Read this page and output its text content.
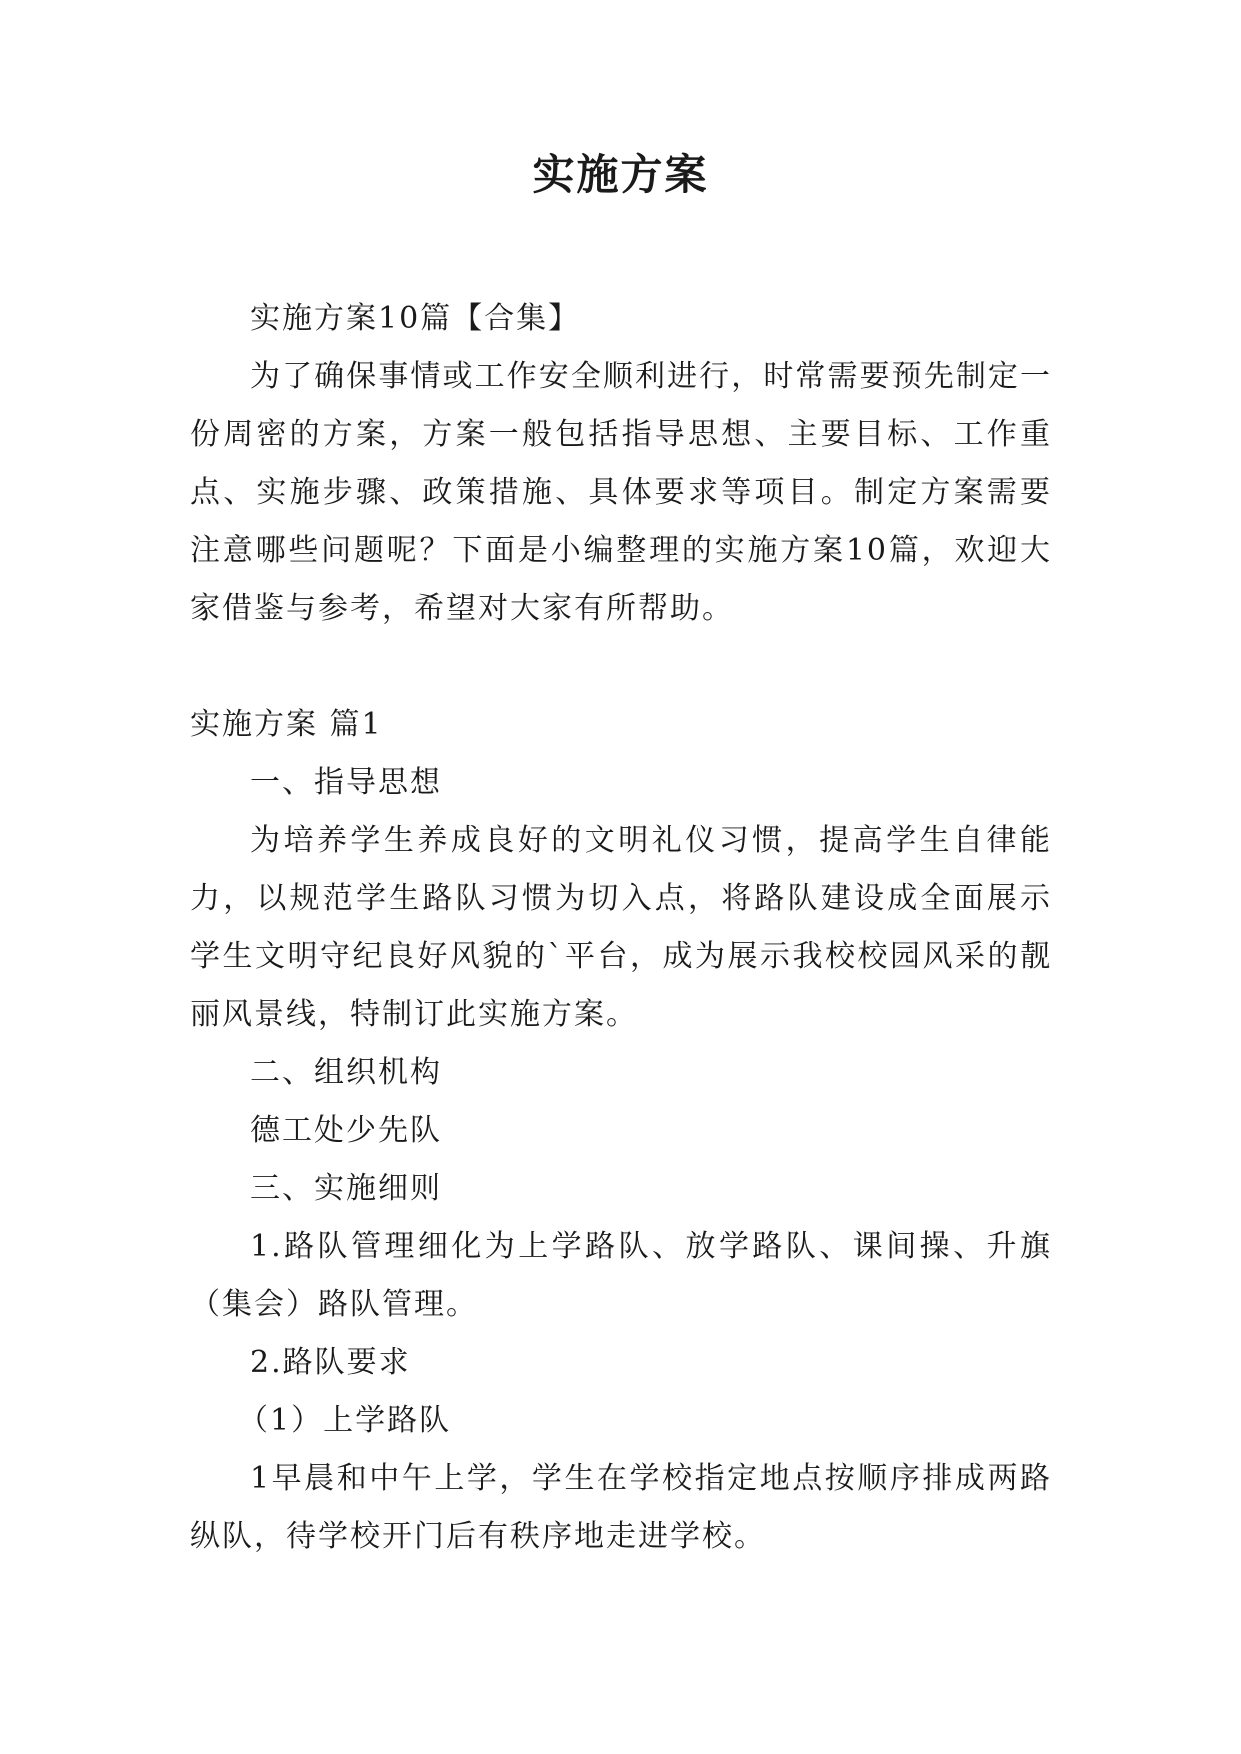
实施方案

实施方案10篇【合集】

为了确保事情或工作安全顺利进行，时常需要预先制定一份周密的方案，方案一般包括指导思想、主要目标、工作重点、实施步骤、政策措施、具体要求等项目。制定方案需要注意哪些问题呢？下面是小编整理的实施方案10篇，欢迎大家借鉴与参考，希望对大家有所帮助。

实施方案 篇1

一、指导思想

为培养学生养成良好的文明礼仪习惯，提高学生自律能力，以规范学生路队习惯为切入点，将路队建设成全面展示学生文明守纪良好风貌的`平台，成为展示我校校园风采的靓丽风景线，特制订此实施方案。

二、组织机构

德工处少先队

三、实施细则

1.路队管理细化为上学路队、放学路队、课间操、升旗（集会）路队管理。

2.路队要求

（1）上学路队

1早晨和中午上学，学生在学校指定地点按顺序排成两路纵队，待学校开门后有秩序地走进学校。
